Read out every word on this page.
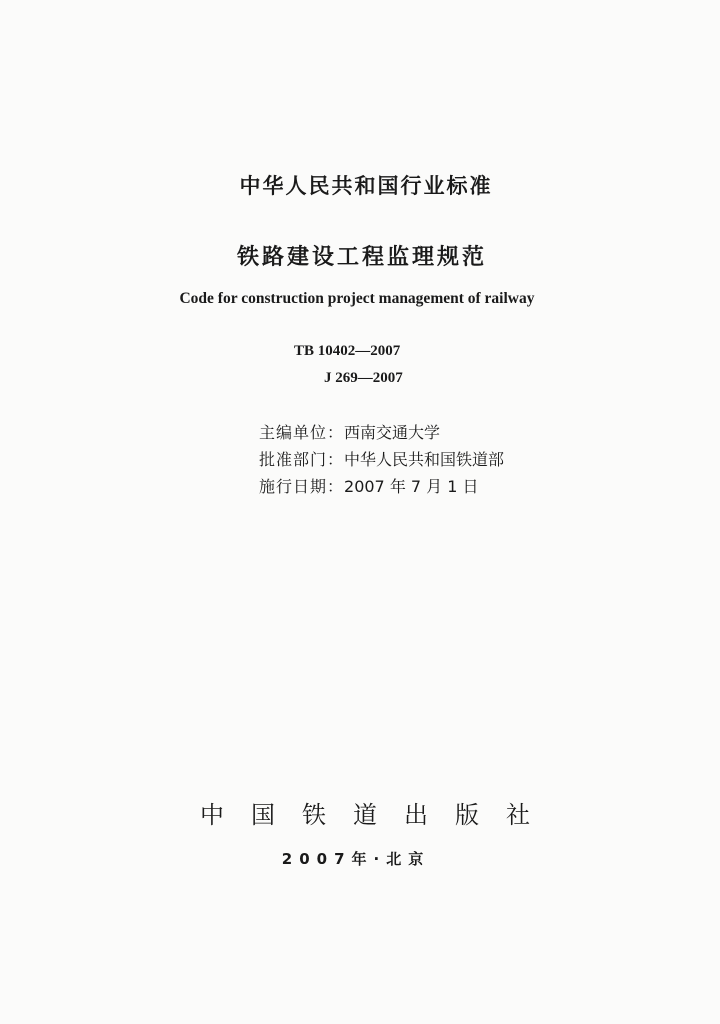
中华人民共和国行业标准
铁路建设工程监理规范
Code for construction project management of railway
TB 10402—2007
J 269—2007
主编单位：西南交通大学
批准部门：中华人民共和国铁道部
施行日期：2007 年 7 月 1 日
中国铁道出版社
2007年·北京
